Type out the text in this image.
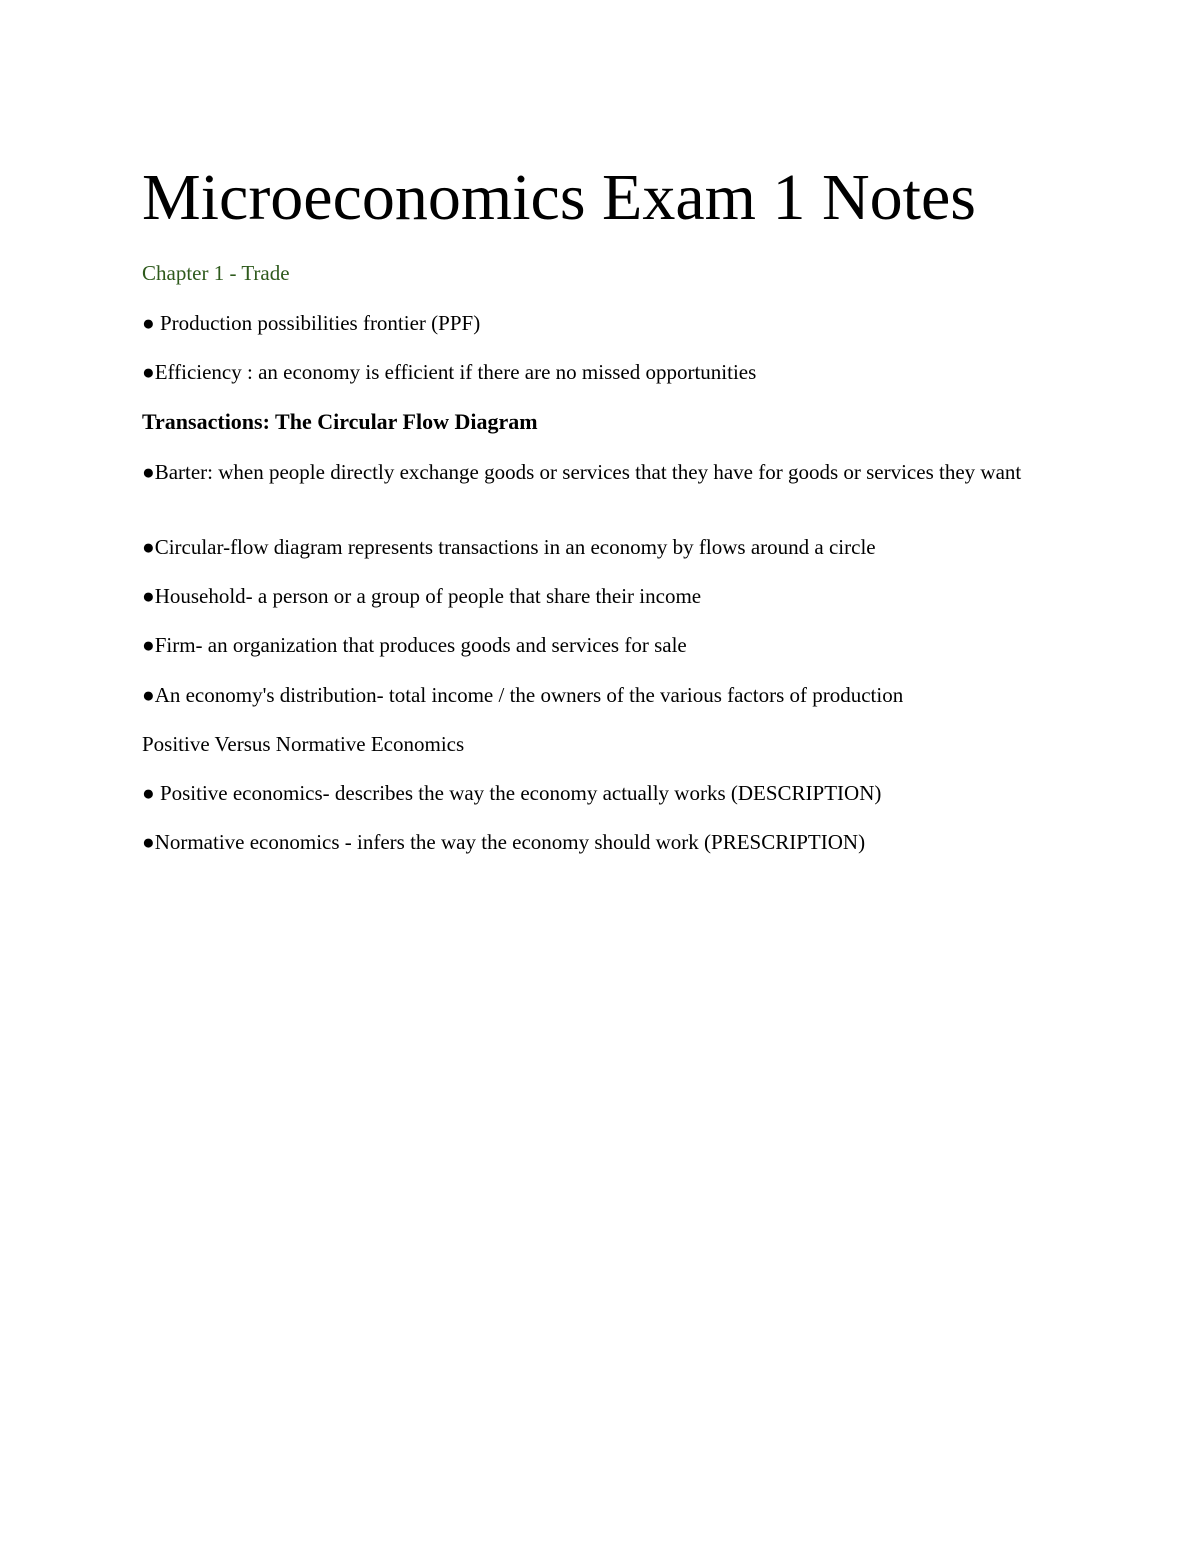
Microeconomics Exam 1 Notes

Chapter 1 - Trade

● Production possibilities frontier (PPF)

●Efficiency : an economy is efficient if there are no missed opportunities

Transactions: The Circular Flow Diagram

●Barter: when people directly exchange goods or services that they have for goods or services they want

●Circular-flow diagram represents transactions in an economy by flows around a circle

●Household- a person or a group of people that share their income

●Firm- an organization that produces goods and services for sale

●An economy's distribution- total income / the owners of the various factors of production

Positive Versus Normative Economics

● Positive economics- describes the way the economy actually works (DESCRIPTION)

●Normative economics - infers the way the economy should work (PRESCRIPTION)
